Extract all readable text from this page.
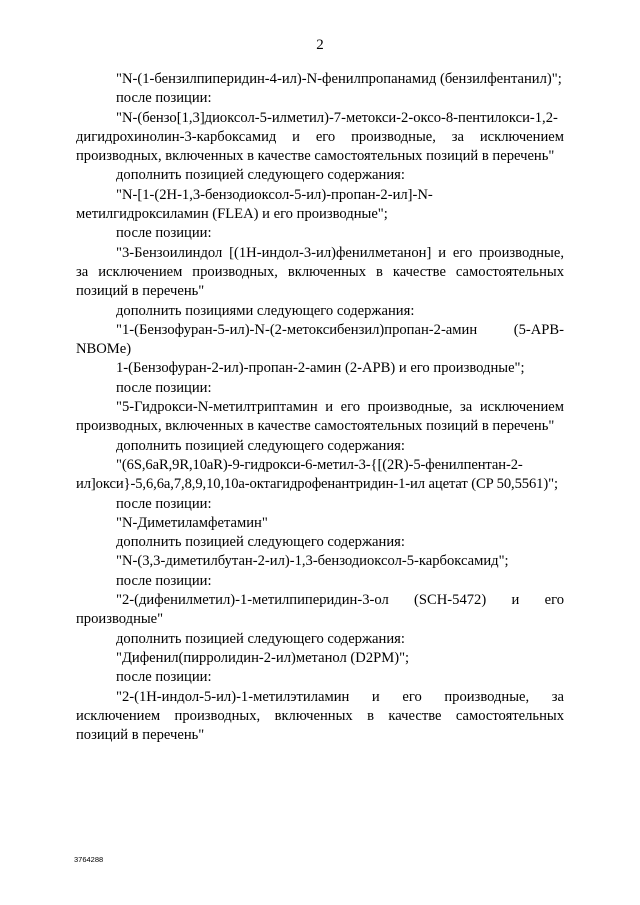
2

"N-(1-бензилпиперидин-4-ил)-N-фенилпропанамид (бензилфентанил)";

после позиции:

"N-(бензо[1,3]диоксол-5-илметил)-7-метокси-2-оксо-8-пентилокси-1,2-дигидрохинолин-3-карбоксамид и его производные, за исключением производных, включенных в качестве самостоятельных позиций в перечень"

дополнить позицией следующего содержания:

"N-[1-(2H-1,3-бензодиоксол-5-ил)-пропан-2-ил]-N-метилгидроксиламин (FLEA) и его производные";

после позиции:

"3-Бензоилиндол [(1H-индол-3-ил)фенилметанон] и его производные, за исключением производных, включенных в качестве самостоятельных позиций в перечень"

дополнить позициями следующего содержания:

"1-(Бензофуран-5-ил)-N-(2-метоксибензил)пропан-2-амин (5-APB-NBOMe)

1-(Бензофуран-2-ил)-пропан-2-амин (2-APB) и его производные";

после позиции:

"5-Гидрокси-N-метилтриптамин и его производные, за исключением производных, включенных в качестве самостоятельных позиций в перечень"

дополнить позицией следующего содержания:

"(6S,6aR,9R,10aR)-9-гидрокси-6-метил-3-{[(2R)-5-фенилпентан-2-ил]окси}-5,6,6a,7,8,9,10,10a-октагидрофенантридин-1-ил ацетат (CP 50,5561)";

после позиции:

"N-Диметиламфетамин"

дополнить позицией следующего содержания:

"N-(3,3-диметилбутан-2-ил)-1,3-бензодиоксол-5-карбоксамид";

после позиции:

"2-(дифенилметил)-1-метилпиперидин-3-ол (SCH-5472) и его производные"

дополнить позицией следующего содержания:

"Дифенил(пирролидин-2-ил)метанол (D2PM)";

после позиции:

"2-(1H-индол-5-ил)-1-метилэтиламин и его производные, за исключением производных, включенных в качестве самостоятельных позиций в перечень"

3764288
